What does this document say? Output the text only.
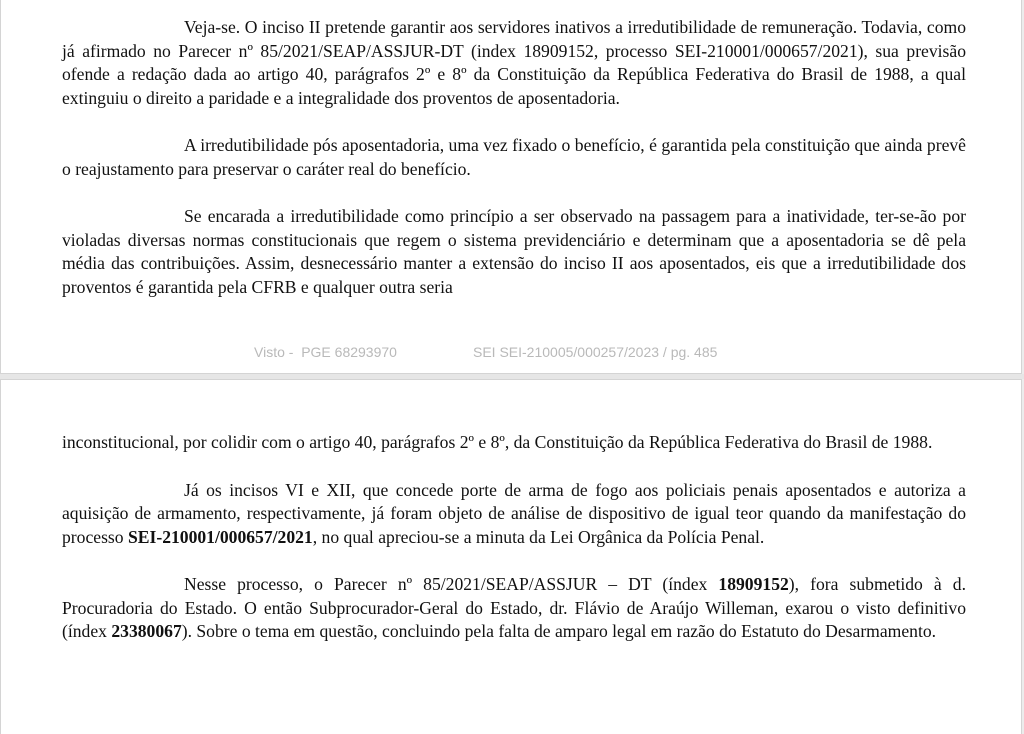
Veja-se. O inciso II pretende garantir aos servidores inativos a irredutibilidade de remuneração. Todavia, como já afirmado no Parecer nº 85/2021/SEAP/ASSJUR-DT (index 18909152, processo SEI-210001/000657/2021), sua previsão ofende a redação dada ao artigo 40, parágrafos 2º e 8º da Constituição da República Federativa do Brasil de 1988, a qual extinguiu o direito a paridade e a integralidade dos proventos de aposentadoria.

A irredutibilidade pós aposentadoria, uma vez fixado o benefício, é garantida pela constituição que ainda prevê o reajustamento para preservar o caráter real do benefício.

Se encarada a irredutibilidade como princípio a ser observado na passagem para a inatividade, ter-se-ão por violadas diversas normas constitucionais que regem o sistema previdenciário e determinam que a aposentadoria se dê pela média das contribuições. Assim, desnecessário manter a extensão do inciso II aos aposentados, eis que a irredutibilidade dos proventos é garantida pela CFRB e qualquer outra seria

Visto -  PGE 68293970	SEI SEI-210005/000257/2023 / pg. 485

inconstitucional, por colidir com o artigo 40, parágrafos 2º e 8º, da Constituição da República Federativa do Brasil de 1988.

Já os incisos VI e XII, que concede porte de arma de fogo aos policiais penais aposentados e autoriza a aquisição de armamento, respectivamente, já foram objeto de análise de dispositivo de igual teor quando da manifestação do processo SEI-210001/000657/2021, no qual apreciou-se a minuta da Lei Orgânica da Polícia Penal.

Nesse processo, o Parecer nº 85/2021/SEAP/ASSJUR – DT (índex 18909152), fora submetido à d. Procuradoria do Estado. O então Subprocurador-Geral do Estado, dr. Flávio de Araújo Willeman, exarou o visto definitivo (índex 23380067). Sobre o tema em questão, concluindo pela falta de amparo legal em razão do Estatuto do Desarmamento.
